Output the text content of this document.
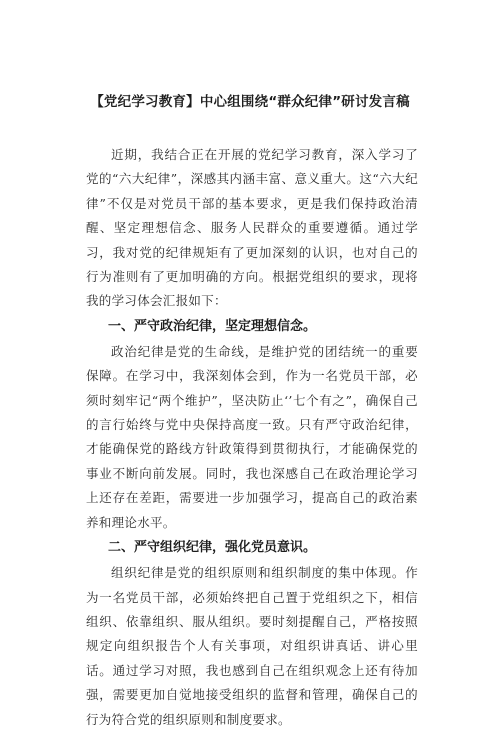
【党纪学习教育】中心组围绕“群众纪律”研讨发言稿

近期，我结合正在开展的党纪学习教育，深入学习了党的“六大纪律”，深感其内涵丰富、意义重大。这“六大纪律”不仅是对党员干部的基本要求，更是我们保持政治清醒、坚定理想信念、服务人民群众的重要遵循。通过学习，我对党的纪律规矩有了更加深刻的认识，也对自己的行为准则有了更加明确的方向。根据党组织的要求，现将我的学习体会汇报如下：

一、严守政治纪律，坚定理想信念。

政治纪律是党的生命线，是维护党的团结统一的重要保障。在学习中，我深刻体会到，作为一名党员干部，必须时刻牢记“两个维护”，坚决防止‘’七个有之”，确保自己的言行始终与党中央保持高度一致。只有严守政治纪律，才能确保党的路线方针政策得到贯彻执行，才能确保党的事业不断向前发展。同时，我也深感自己在政治理论学习上还存在差距，需要进一步加强学习，提高自己的政治素养和理论水平。

二、严守组织纪律，强化党员意识。

组织纪律是党的组织原则和组织制度的集中体现。作为一名党员干部，必须始终把自己置于党组织之下，相信组织、依靠组织、服从组织。要时刻提醒自己，严格按照规定向组织报告个人有关事项，对组织讲真话、讲心里话。通过学习对照，我也感到自己在组织观念上还有待加强，需要更加自觉地接受组织的监督和管理，确保自己的行为符合党的组织原则和制度要求。
